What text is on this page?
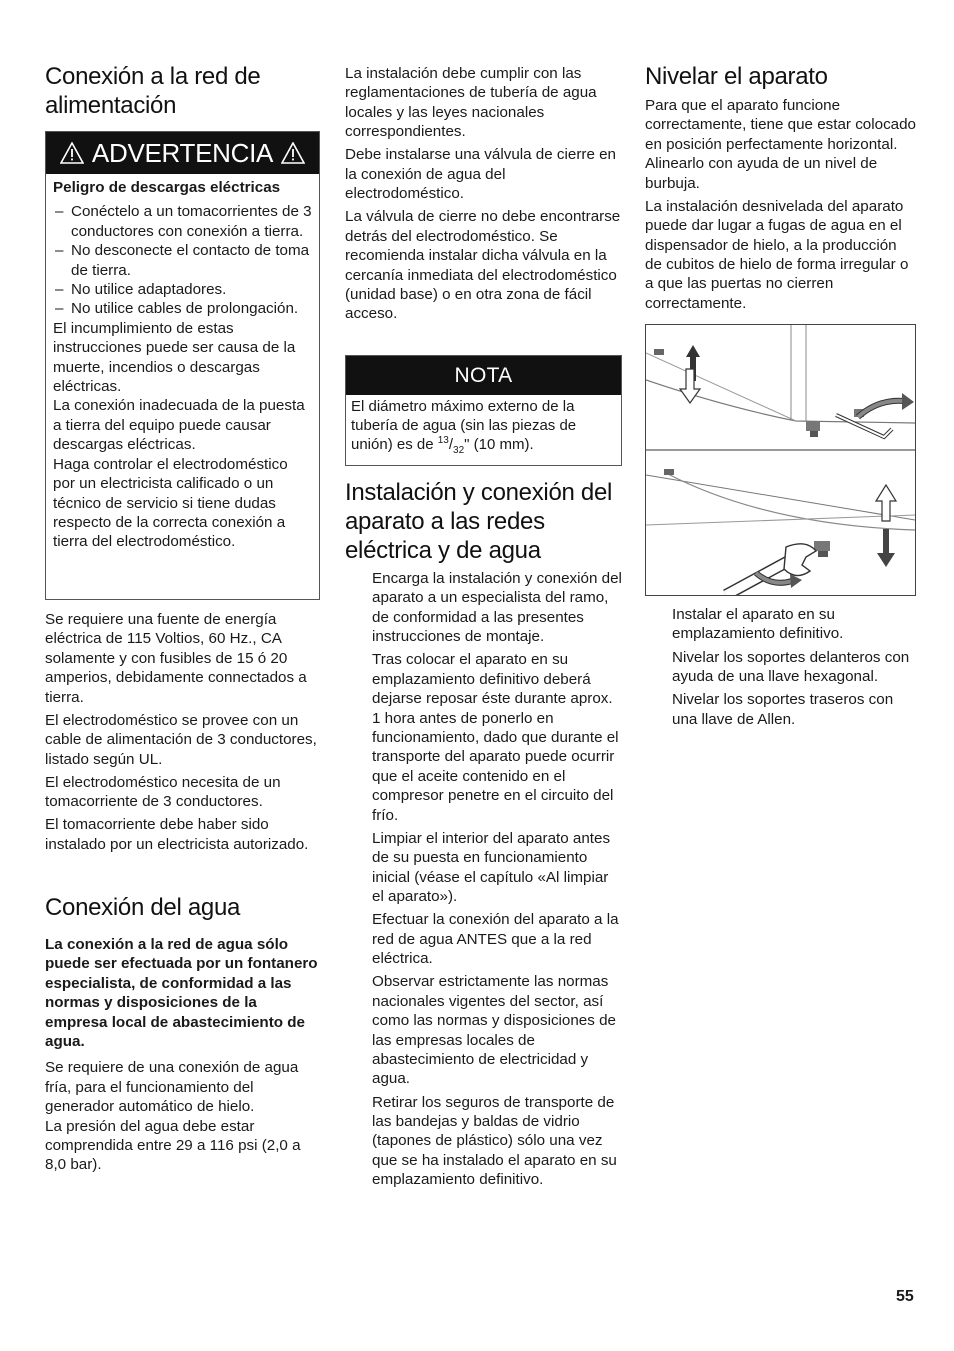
Conexión a la red de alimentación
ADVERTENCIA

Peligro de descargas eléctricas

– Conéctelo a un tomacorrientes de 3 conductores con conexión a tierra.
– No desconecte el contacto de toma de tierra.
– No utilice adaptadores.
– No utilice cables de prolongación.

El incumplimiento de estas instrucciones puede ser causa de la muerte, incendios o descargas eléctricas.

La conexión inadecuada de la puesta a tierra del equipo puede causar descargas eléctricas.

Haga controlar el electrodoméstico por un electricista calificado o un técnico de servicio si tiene dudas respecto de la correcta conexión a tierra del electrodoméstico.

Se requiere una fuente de energía eléctrica de 115 Voltios, 60 Hz., CA solamente y con fusibles de 15 ó 20 amperios, debidamente connectados a tierra.

El electrodoméstico se provee con un cable de alimentación de 3 conductores, listado según UL.

El electrodoméstico necesita de un tomacorriente de 3 conductores.

El tomacorriente debe haber sido instalado por un electricista autorizado.

Conexión del agua

La conexión a la red de agua sólo puede ser efectuada por un fontanero especialista, de conformidad a las normas y disposiciones de la empresa local de abastecimiento de agua.

Se requiere de una conexión de agua fría, para el funcionamiento del generador automático de hielo.

La presión del agua debe estar comprendida entre 29 a 116 psi (2,0 a 8,0 bar).

La instalación debe cumplir con las reglamentaciones de tubería de agua locales y las leyes nacionales correspondientes.

Debe instalarse una válvula de cierre en la conexión de agua del electrodoméstico.

La válvula de cierre no debe encontrarse detrás del electrodoméstico. Se recomienda instalar dicha válvula en la cercanía inmediata del electrodoméstico (unidad base) o en otra zona de fácil acceso.

NOTA

El diámetro máximo externo de la tubería de agua (sin las piezas de unión) es de $^{13}/_{32}$" (10 mm).

Instalación y conexión del aparato a las redes eléctrica y de agua

Encarga la instalación y conexión del aparato a un especialista del ramo, de conformidad a las presentes instrucciones de montaje.

Tras colocar el aparato en su emplazamiento definitivo deberá dejarse reposar éste durante aprox. 1 hora antes de ponerlo en funcionamiento, dado que durante el transporte del aparato puede ocurrir que el aceite contenido en el compresor penetre en el circuito del frío.

Limpiar el interior del aparato antes de su puesta en funcionamiento inicial (véase el capítulo «Al limpiar el aparato»).

Efectuar la conexión del aparato a la red de agua ANTES que a la red eléctrica.

Observar estrictamente las normas nacionales vigentes del sector, así como las normas y disposiciones de las empresas locales de abastecimiento de electricidad y agua.

Retirar los seguros de transporte de las bandejas y baldas de vidrio (tapones de plástico) sólo una vez que se ha instalado el aparato en su emplazamiento definitivo.

Nivelar el aparato

Para que el aparato funcione correctamente, tiene que estar colocado en posición perfectamente horizontal. Alinearlo con ayuda de un nivel de burbuja.

La instalación desnivelada del aparato puede dar lugar a fugas de agua en el dispensador de hielo, a la producción de cubitos de hielo de forma irregular o a que las puertas no cierren correctamente.

Instalar el aparato en su emplazamiento definitivo.

Nivelar los soportes delanteros con ayuda de una llave hexagonal.

Nivelar los soportes traseros con una llave de Allen.

55
